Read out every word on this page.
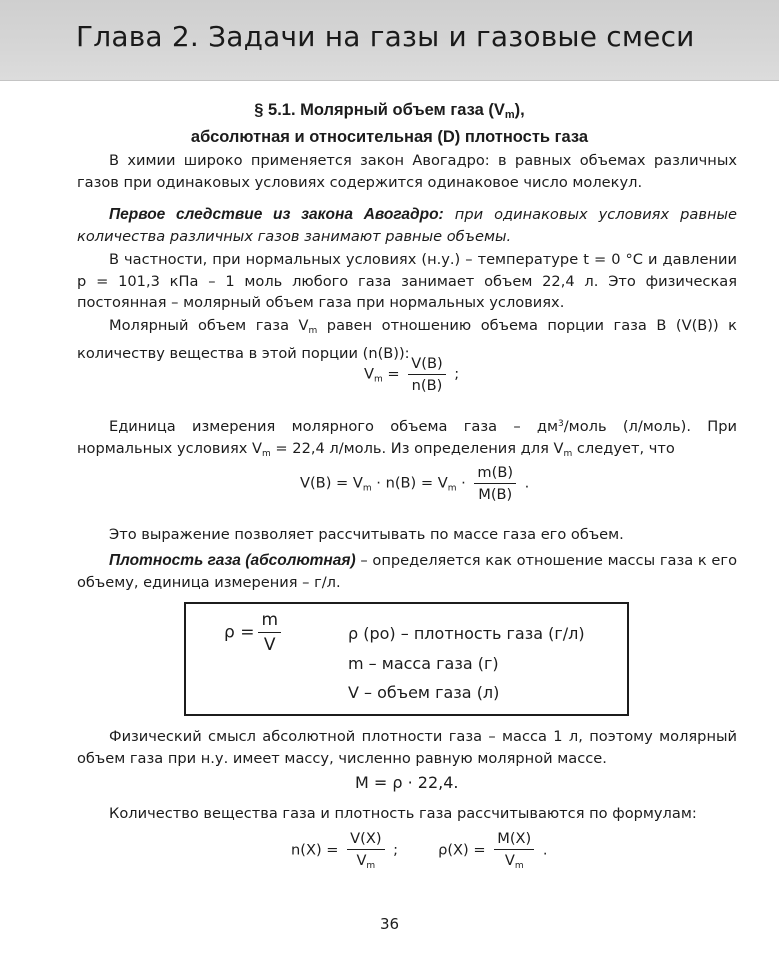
Глава 2. Задачи на газы и газовые смеси
§ 5.1. Молярный объем газа $(V_m)$,
абсолютная и относительная (D) плотность газа
В химии широко применяется закон Авогадро: в равных объемах различных газов при одинаковых условиях содержится одинаковое число молекул.
Первое следствие из закона Авогадро: при одинаковых условиях равные количества различных газов занимают равные объемы.
В частности, при нормальных условиях (н.у.) – температуре t = 0 °C и давлении p = 101,3 кПа – 1 моль любого газа занимает объем 22,4 л. Это физическая постоянная – молярный объем газа при нормальных условиях.
Молярный объем газа $V_m$ равен отношению объема порции газа B (V(B)) к количеству вещества в этой порции (n(B)):
$V_m = \frac{V(B)}{n(B)}$ ;
Единица измерения молярного объема газа – $дм^3$/моль (л/моль). При нормальных условиях $V_m = 22,4$ л/моль. Из определения для $V_m$ следует, что
$V(B) = V_m \cdot n(B) = V_m \cdot \frac{m(B)}{M(B)}$ .
Это выражение позволяет рассчитывать по массе газа его объем.
Плотность газа (абсолютная) – определяется как отношение массы газа к его объему, единица измерения – г/л.
$\rho = \frac{m}{V}$	ρ (ро) – плотность газа (г/л)
m – масса газа (г)
V – объем газа (л)
Физический смысл абсолютной плотности газа – масса 1 л, поэтому молярный объем газа при н.у. имеет массу, численно равную молярной массе.
M = ρ · 22,4.
Количество вещества газа и плотность газа рассчитываются по формулам:
$n(X) = \frac{V(X)}{V_m}$ ;	$\rho(X) = \frac{M(X)}{V_m}$ .
36
